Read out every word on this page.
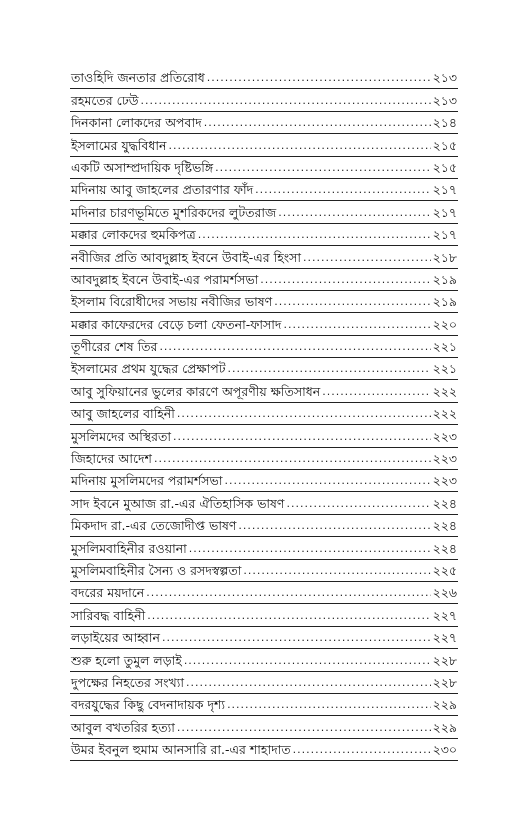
তাওহিদি জনতার প্রতিরোধ .....	২১৩
রহমতের ঢেউ .....	২১৩
দিনকানা লোকদের অপবাদ .....	২১৪
ইসলামের যুদ্ধবিধান .....	২১৫
একটি অসাম্প্রদায়িক দৃষ্টিভঙ্গি .....	২১৫
মদিনায় আবু জাহলের প্রতারণার ফাঁদ .....	২১৭
মদিনার চারণভূমিতে মুশরিকদের লুটতরাজ .....	২১৭
মক্কার লোকদের হুমকিপত্র .....	২১৭
নবীজির প্রতি আবদুল্লাহ ইবনে উবাই-এর হিংসা .....	২১৮
আবদুল্লাহ ইবনে উবাই-এর পরামর্শসভা .....	২১৯
ইসলাম বিরোধীদের সভায় নবীজির ভাষণ .....	২১৯
মক্কার কাফেরদের বেড়ে চলা ফেতনা-ফাসাদ .....	২২০
তূণীরের শেষ তির .....	২২১
ইসলামের প্রথম যুদ্ধের প্রেক্ষাপট .....	২২১
আবু সুফিয়ানের ভুলের কারণে অপূরণীয় ক্ষতিসাধন .....	২২২
আবু জাহলের বাহিনী .....	২২২
মুসলিমদের অস্থিরতা .....	২২৩
জিহাদের আদেশ .....	২২৩
মদিনায় মুসলিমদের পরামর্শসভা .....	২২৩
সাদ ইবনে মুআজ রা.-এর ঐতিহাসিক ভাষণ .....	২২৪
মিকদাদ রা.-এর তেজোদীপ্ত ভাষণ .....	২২৪
মুসলিমবাহিনীর রওয়ানা .....	২২৪
মুসলিমবাহিনীর সৈন্য ও রসদস্বল্পতা .....	২২৫
বদরের ময়দানে .....	২২৬
সারিবদ্ধ বাহিনী .....	২২৭
লড়াইয়ের আহ্বান .....	২২৭
শুরু হলো তুমুল লড়াই .....	২২৮
দুপক্ষের নিহতের সংখ্যা .....	২২৮
বদরযুদ্ধের কিছু বেদনাদায়ক দৃশ্য .....	২২৯
আবুল বখতরির হত্যা .....	২২৯
উমর ইবনুল হুমাম আনসারি রা.-এর শাহাদাত .....	২৩০
